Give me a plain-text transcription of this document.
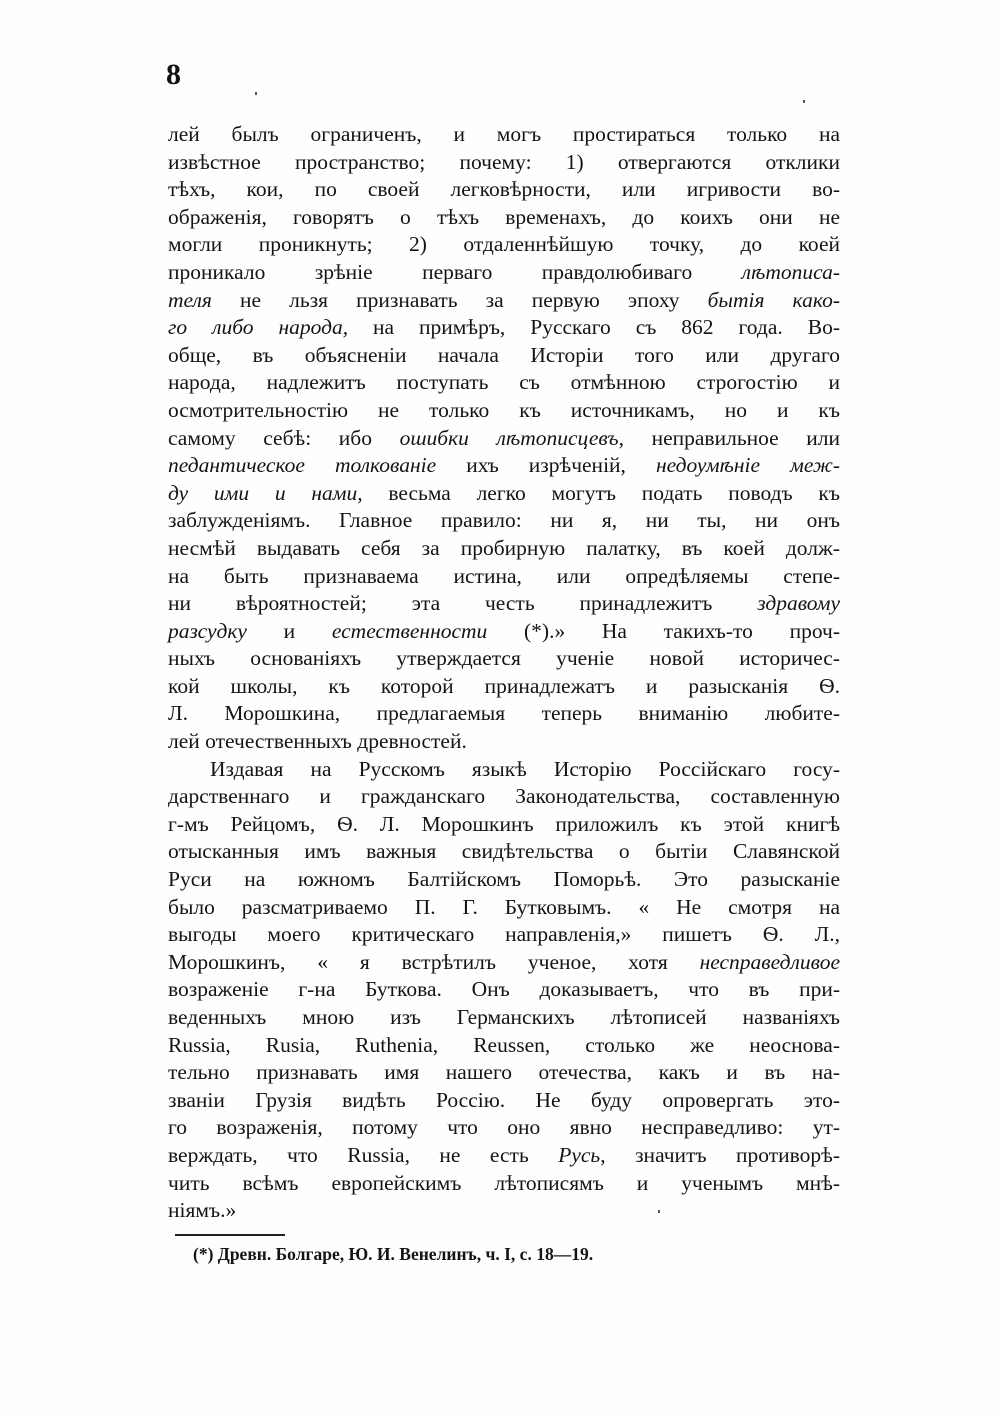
8
лей былъ ограниченъ, и могъ простираться только на
извѣстное пространство; почему: 1) отвергаются отклики
тѣхъ, кои, по своей легковѣрности, или игривости во-
ображенія, говорятъ о тѣхъ временахъ, до коихъ они не
могли проникнуть; 2) отдаленнѣйшую точку, до коей
проникало зрѣніе перваго правдолюбиваго лѣтописа-
теля не льзя признавать за первую эпоху бытія како-
го либо народа, на примѣръ, Русскаго съ 862 года. Во-
обще, въ объясненіи начала Исторіи того или другаго
народа, надлежитъ поступать съ отмѣнною строгостію и
осмотрительностію не только къ источникамъ, но и къ
самому себѣ: ибо ошибки лѣтописцевъ, неправильное или
педантическое толкованіе ихъ изрѣченій, недоумѣніе меж-
ду ими и нами, весьма легко могутъ подать поводъ къ
заблужденіямъ. Главное правило: ни я, ни ты, ни онъ
несмѣй выдавать себя за пробирную палатку, въ коей долж-
на быть признаваема истина, или опредѣляемы степе-
ни вѣроятностей; эта честь принадлежитъ здравому
разсудку и естественности (*).» На такихъ-то проч-
ныхъ основаніяхъ утверждается ученіе новой историчес-
кой школы, къ которой принадлежатъ и разысканія Ѳ.
Л. Морошкина, предлагаемыя теперь вниманію любите-
лей отечественныхъ древностей.
Издавая на Русскомъ языкѣ Исторію Россійскаго госу-
дарственнаго и гражданскаго Законодательства, составленную
г-мъ Рейцомъ, Ѳ. Л. Морошкинъ приложилъ къ этой книгѣ
отысканныя имъ важныя свидѣтельства о бытіи Славянской
Руси на южномъ Балтійскомъ Поморьѣ. Это разысканіе
было разсматриваемо П. Г. Бутковымъ. « Не смотря на
выгоды моего критическаго направленія,» пишетъ Ѳ. Л.,
Морошкинъ, « я встрѣтилъ ученое, хотя несправедливое
возраженіе г-на Буткова. Онъ доказываетъ, что въ при-
веденныхъ мною изъ Германскихъ лѣтописей названіяхъ
Russia, Rusia, Ruthenia, Reussen, столько же неоснова-
тельно признавать имя нашего отечества, какъ и въ на-
званіи Грузія видѣть Россію. Не буду опровергать это-
го возраженія, потому что оно явно несправедливо: ут-
верждать, что Russia, не есть Русь, значитъ противорѣ-
чить всѣмъ европейскимъ лѣтописямъ и ученымъ мнѣ-
ніямъ.»
(*) Древн. Болгаре, Ю. И. Венелинъ, ч. I, с. 18—19.
